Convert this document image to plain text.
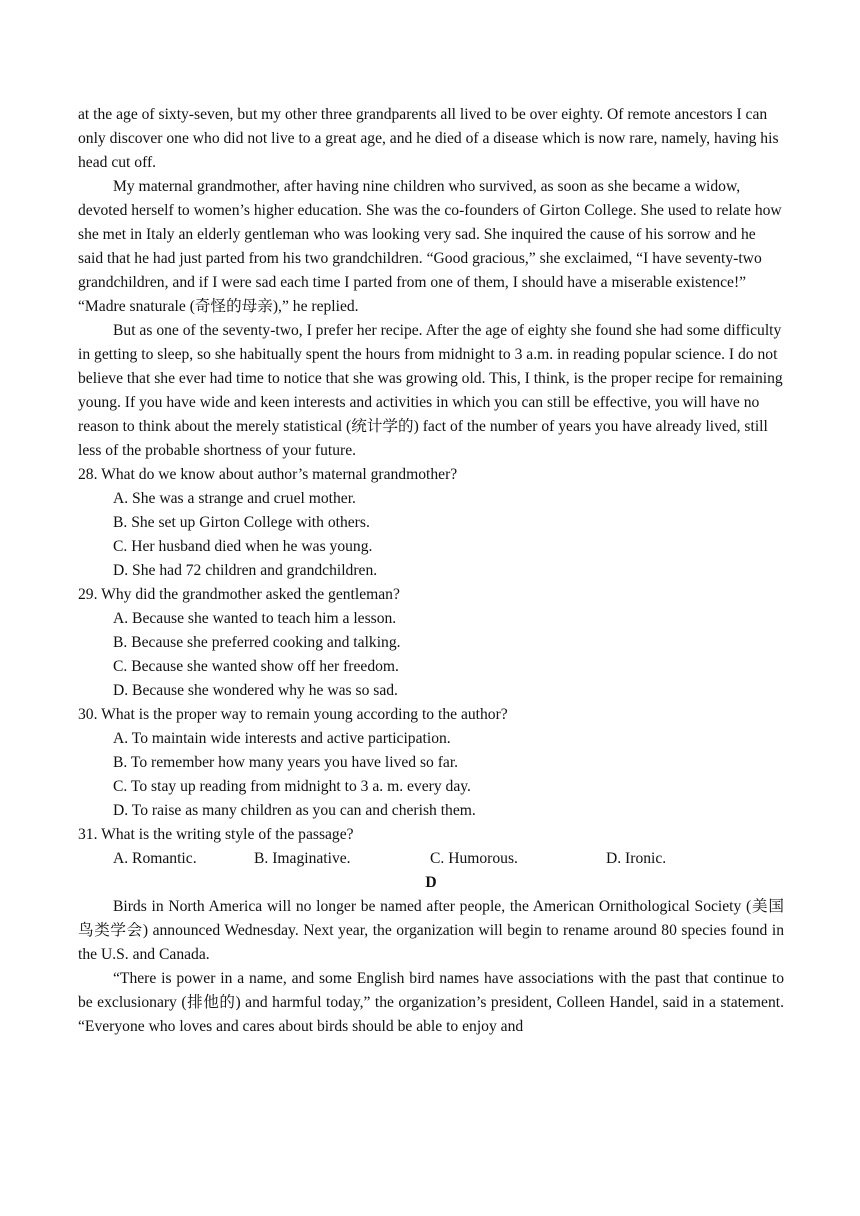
at the age of sixty-seven, but my other three grandparents all lived to be over eighty. Of remote ancestors I can only discover one who did not live to a great age, and he died of a disease which is now rare, namely, having his head cut off.

My maternal grandmother, after having nine children who survived, as soon as she became a widow, devoted herself to women’s higher education. She was the co-founders of Girton College. She used to relate how she met in Italy an elderly gentleman who was looking very sad. She inquired the cause of his sorrow and he said that he had just parted from his two grandchildren. “Good gracious,” she exclaimed, “I have seventy-two grandchildren, and if I were sad each time I parted from one of them, I should have a miserable existence!” “Madre snaturale (奇怪的母亲),” he replied.

But as one of the seventy-two, I prefer her recipe. After the age of eighty she found she had some difficulty in getting to sleep, so she habitually spent the hours from midnight to 3 a.m. in reading popular science. I do not believe that she ever had time to notice that she was growing old. This, I think, is the proper recipe for remaining young. If you have wide and keen interests and activities in which you can still be effective, you will have no reason to think about the merely statistical (统计学的) fact of the number of years you have already lived, still less of the probable shortness of your future.

28. What do we know about author’s maternal grandmother?

A. She was a strange and cruel mother.

B. She set up Girton College with others.

C. Her husband died when he was young.

D. She had 72 children and grandchildren.

29. Why did the grandmother asked the gentleman?

A. Because she wanted to teach him a lesson.

B. Because she preferred cooking and talking.

C. Because she wanted show off her freedom.

D. Because she wondered why he was so sad.

30. What is the proper way to remain young according to the author?

A. To maintain wide interests and active participation.

B. To remember how many years you have lived so far.

C. To stay up reading from midnight to 3 a. m. every day.

D. To raise as many children as you can and cherish them.

31. What is the writing style of the passage?

A. Romantic.	B. Imaginative.	C. Humorous.	D. Ironic.

D

Birds in North America will no longer be named after people, the American Ornithological Society (美国鸟类学会) announced Wednesday. Next year, the organization will begin to rename around 80 species found in the U.S. and Canada.

“There is power in a name, and some English bird names have associations with the past that continue to be exclusionary (排他的) and harmful today,” the organization’s president, Colleen Handel, said in a statement. “Everyone who loves and cares about birds should be able to enjoy and
